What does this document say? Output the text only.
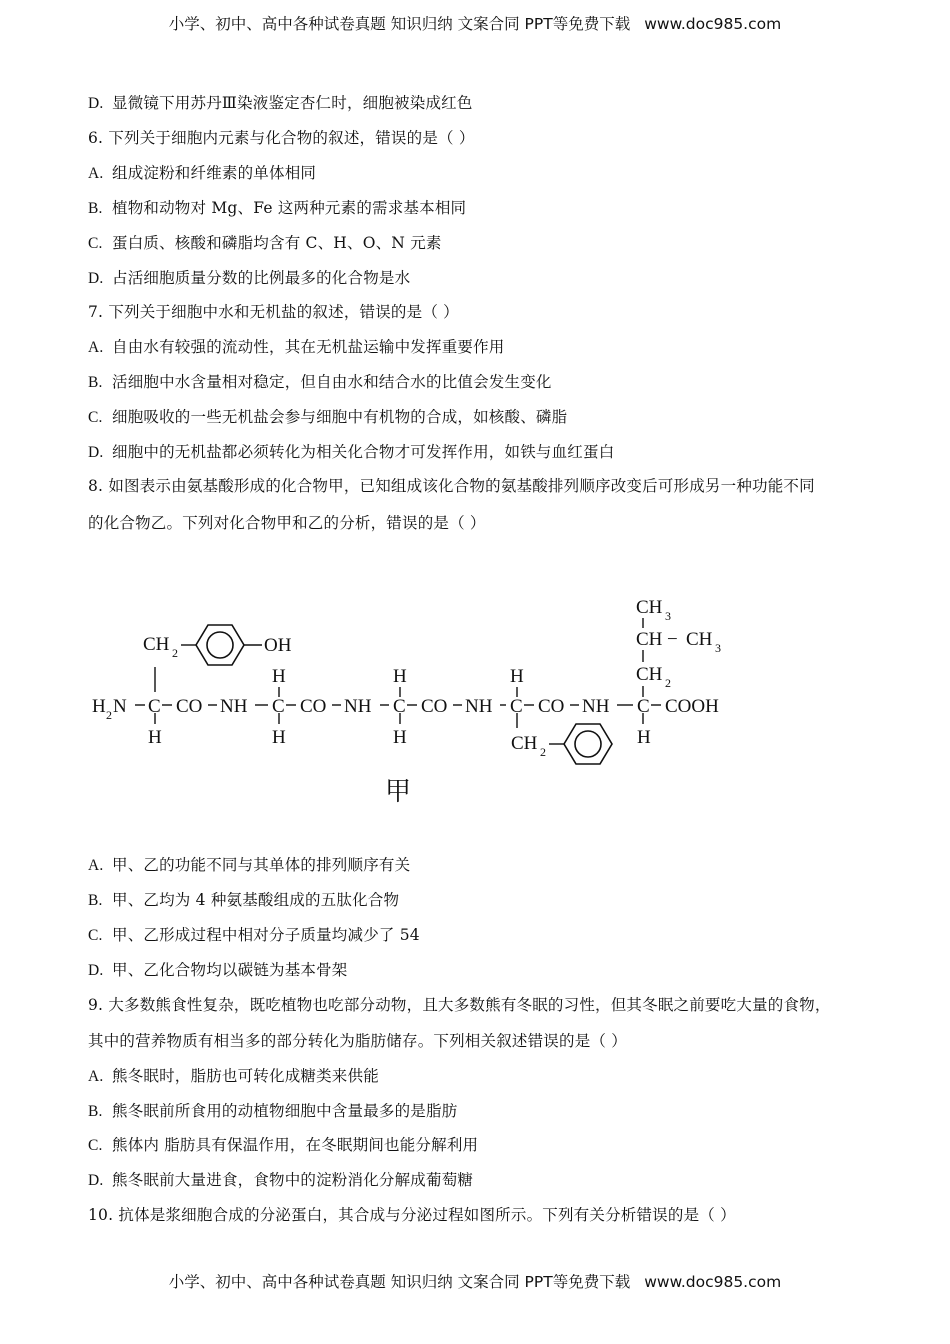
小学、初中、高中各种试卷真题 知识归纳 文案合同 PPT等免费下载 www.doc985.com
D. 显微镜下用苏丹Ⅲ染液鉴定杏仁时，细胞被染成红色
6. 下列关于细胞内元素与化合物的叙述，错误的是（ ）
A. 组成淀粉和纤维素的单体相同
B. 植物和动物对 Mg、Fe 这两种元素的需求基本相同
C. 蛋白质、核酸和磷脂均含有 C、H、O、N 元素
D. 占活细胞质量分数的比例最多的化合物是水
7. 下列关于细胞中水和无机盐的叙述，错误的是（ ）
A. 自由水有较强的流动性，其在无机盐运输中发挥重要作用
B. 活细胞中水含量相对稳定，但自由水和结合水的比值会发生变化
C. 细胞吸收的一些无机盐会参与细胞中有机物的合成，如核酸、磷脂
D. 细胞中的无机盐都必须转化为相关化合物才可发挥作用，如铁与血红蛋白
8. 如图表示由氨基酸形成的化合物甲，已知组成该化合物的氨基酸排列顺序改变后可形成另一种功能不同
的化合物乙。下列对化合物甲和乙的分析，错误的是（ ）
A. 甲、乙的功能不同与其单体的排列顺序有关
B. 甲、乙均为 4 种氨基酸组成的五肽化合物
C. 甲、乙形成过程中相对分子质量均减少了 54
D. 甲、乙化合物均以碳链为基本骨架
9. 大多数熊食性复杂，既吃植物也吃部分动物，且大多数熊有冬眠的习性，但其冬眠之前要吃大量的食物，
其中的营养物质有相当多的部分转化为脂肪储存。下列相关叙述错误的是（ ）
A. 熊冬眠时，脂肪也可转化成糖类来供能
B. 熊冬眠前所食用的动植物细胞中含量最多的是脂肪
C. 熊体内 脂肪具有保温作用，在冬眠期间也能分解利用
D. 熊冬眠前大量进食，食物中的淀粉消化分解成葡萄糖
10. 抗体是浆细胞合成的分泌蛋白，其合成与分泌过程如图所示。下列有关分析错误的是（ ）
H 2 N C CO NH C CO NH C CO NH C CO NH C COOH
CH 2
H
OH
H
H
H
H
H
CH 2
CH 3
CH − CH 3
CH 2
H
甲
小学、初中、高中各种试卷真题 知识归纳 文案合同 PPT等免费下载 www.doc985.com
